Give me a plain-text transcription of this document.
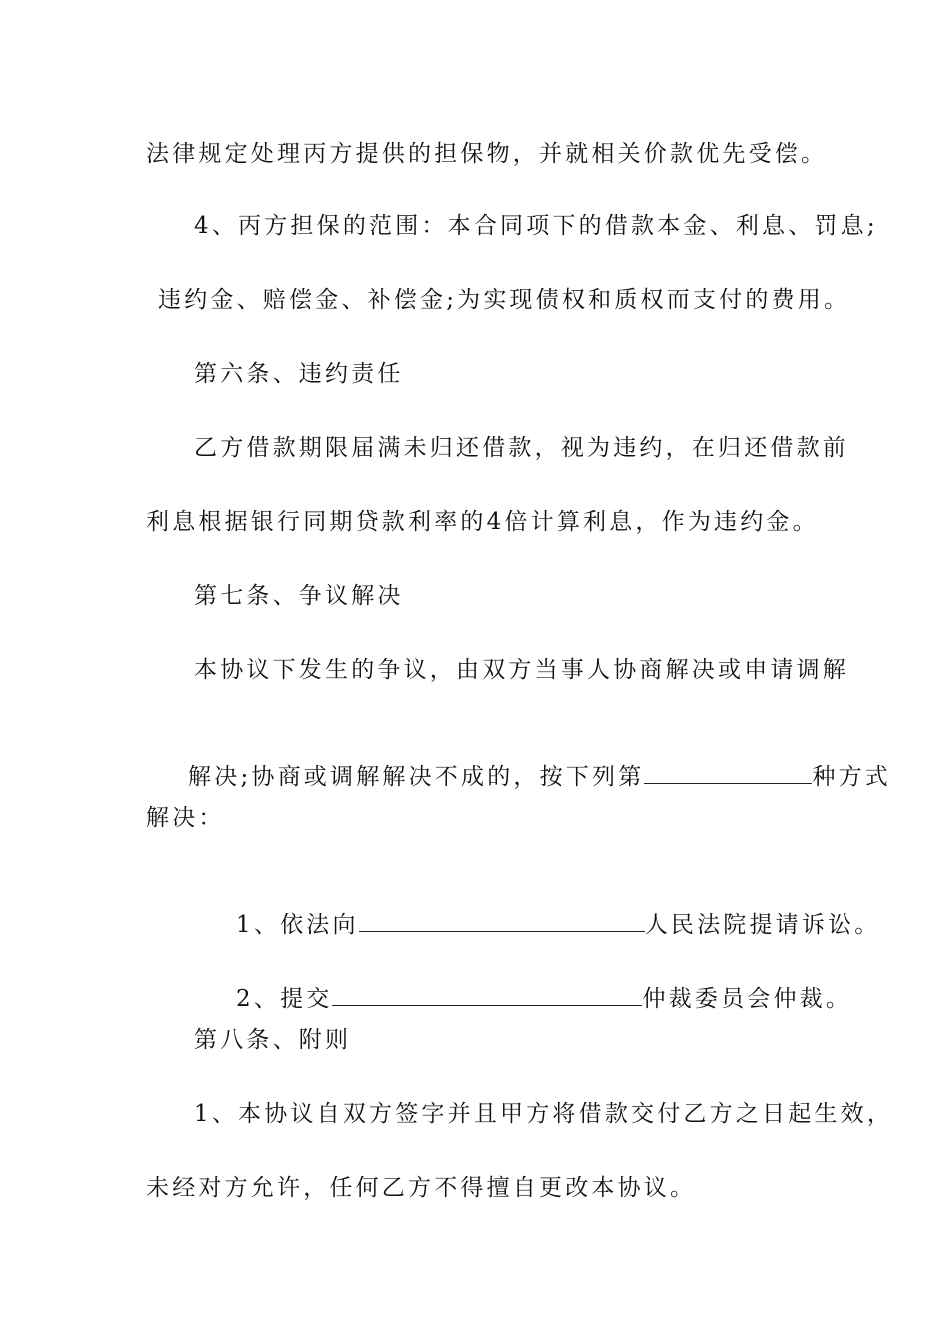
法律规定处理丙方提供的担保物，并就相关价款优先受偿。
4、丙方担保的范围：本合同项下的借款本金、利息、罚息;
违约金、赔偿金、补偿金;为实现债权和质权而支付的费用。
第六条、违约责任
乙方借款期限届满未归还借款，视为违约，在归还借款前
利息根据银行同期贷款利率的4倍计算利息，作为违约金。
第七条、争议解决
本协议下发生的争议，由双方当事人协商解决或申请调解

解决;协商或调解解决不成的，按下列第	种方式

解决：

1、依法向	人民法院提请诉讼。

2、提交	仲裁委员会仲裁。

第八条、附则
1、本协议自双方签字并且甲方将借款交付乙方之日起生效，
未经对方允许，任何乙方不得擅自更改本协议。
